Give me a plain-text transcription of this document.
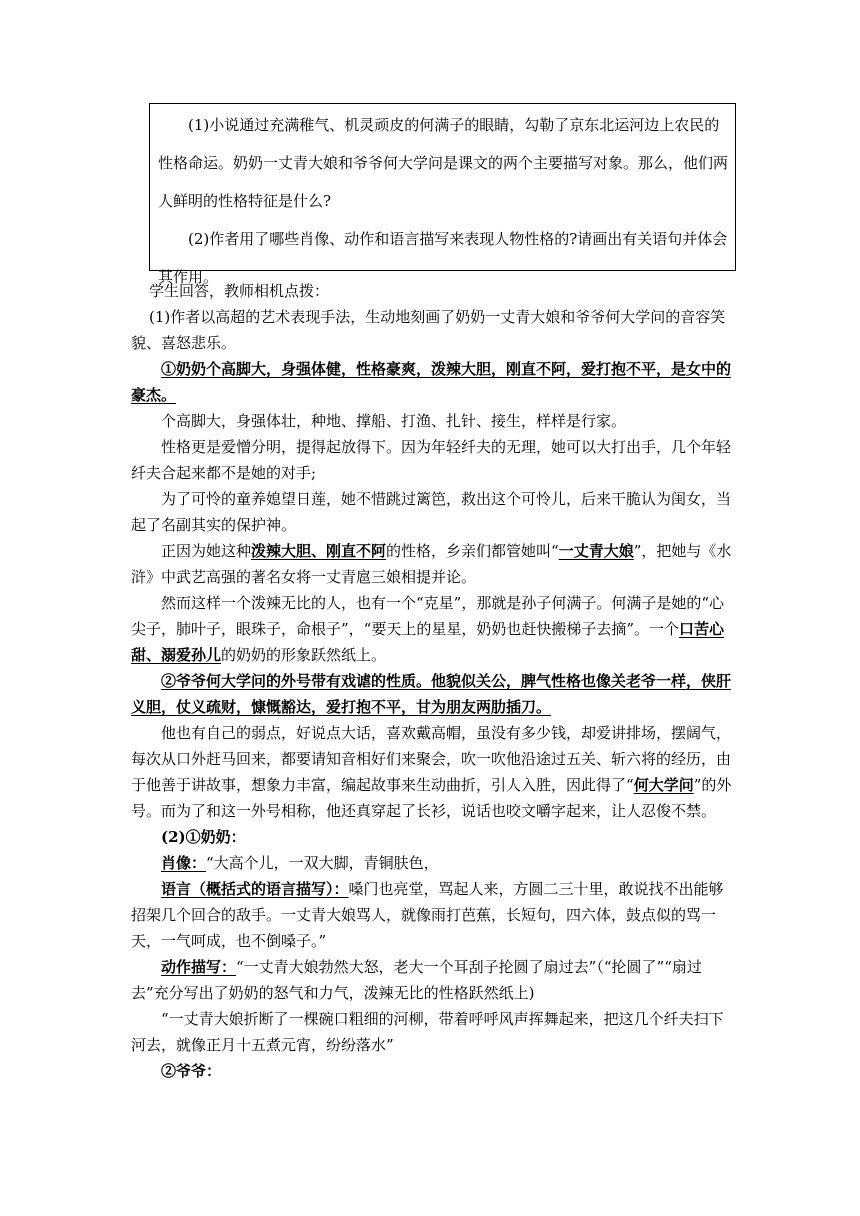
(1)小说通过充满稚气、机灵顽皮的何满子的眼睛，勾勒了京东北运河边上农民的性格命运。奶奶一丈青大娘和爷爷何大学问是课文的两个主要描写对象。那么，他们两人鲜明的性格特征是什么?

(2)作者用了哪些肖像、动作和语言描写来表现人物性格的?请画出有关语句并体会其作用。

学生回答，教师相机点拨：

(1)作者以高超的艺术表现手法，生动地刻画了奶奶一丈青大娘和爷爷何大学问的音容笑貌、喜怒悲乐。

①奶奶个高脚大，身强体健，性格豪爽，泼辣大胆，刚直不阿，爱打抱不平，是女中的豪杰。

个高脚大，身强体壮，种地、撑船、打渔、扎针、接生，样样是行家。

性格更是爱憎分明，提得起放得下。因为年轻纤夫的无理，她可以大打出手，几个年轻纤夫合起来都不是她的对手;

为了可怜的童养媳望日莲，她不惜跳过篱笆，救出这个可怜儿，后来干脆认为闺女，当起了名副其实的保护神。

正因为她这种泼辣大胆、刚直不阿的性格，乡亲们都管她叫“一丈青大娘”，把她与《水浒》中武艺高强的著名女将一丈青扈三娘相提并论。

然而这样一个泼辣无比的人，也有一个“克星”，那就是孙子何满子。何满子是她的“心尖子，肺叶子，眼珠子，命根子”，“要天上的星星，奶奶也赶快搬梯子去摘”。一个口苦心甜、溺爱孙儿的奶奶的形象跃然纸上。

②爷爷何大学问的外号带有戏谑的性质。他貌似关公，脾气性格也像关老爷一样，侠肝义胆，仗义疏财，慷慨豁达，爱打抱不平，甘为朋友两肋插刀。

他也有自己的弱点，好说点大话，喜欢戴高帽，虽没有多少钱，却爱讲排场，摆阔气，每次从口外赶马回来，都要请知音相好们来聚会，吹一吹他沿途过五关、斩六将的经历，由于他善于讲故事，想象力丰富，编起故事来生动曲折，引人入胜，因此得了“何大学问”的外号。而为了和这一外号相称，他还真穿起了长衫，说话也咬文嚼字起来，让人忍俊不禁。

(2)①奶奶：

肖像：“大高个儿，一双大脚，青铜肤色，

语言（概括式的语言描写）：嗓门也亮堂，骂起人来，方圆二三十里，敢说找不出能够招架几个回合的敌手。一丈青大娘骂人，就像雨打芭蕉，长短句，四六体，鼓点似的骂一天，一气呵成，也不倒嗓子。”

动作描写：“一丈青大娘勃然大怒，老大一个耳刮子抡圆了扇过去”（“抡圆了”“扇过去”充分写出了奶奶的怒气和力气，泼辣无比的性格跃然纸上)

“一丈青大娘折断了一棵碗口粗细的河柳，带着呼呼风声挥舞起来，把这几个纤夫扫下河去，就像正月十五煮元宵，纷纷落水”

②爷爷：
